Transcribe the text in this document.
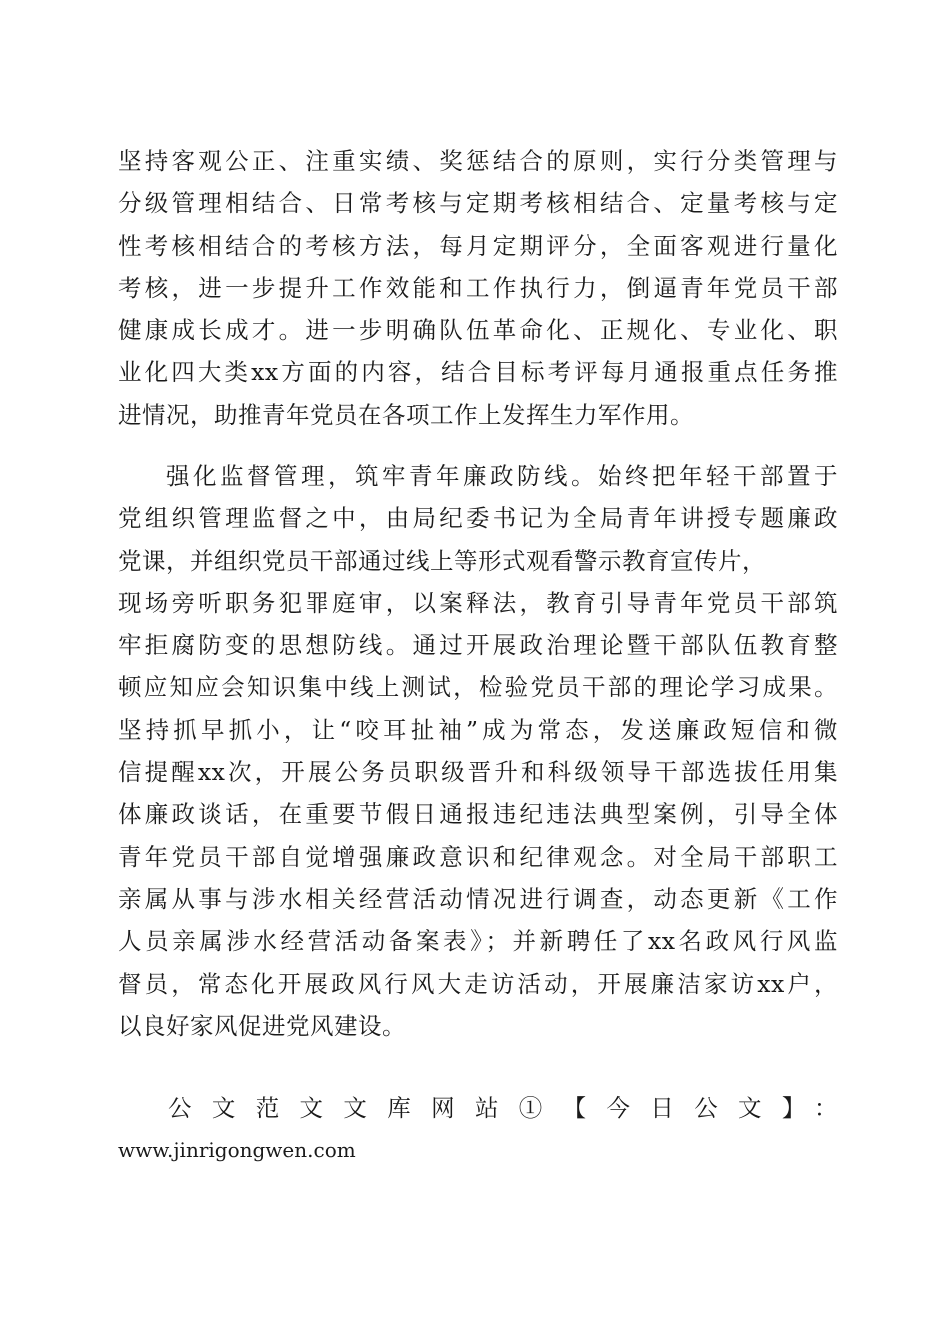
坚持客观公正、注重实绩、奖惩结合的原则，实行分类管理与
分级管理相结合、日常考核与定期考核相结合、定量考核与定
性考核相结合的考核方法，每月定期评分，全面客观进行量化
考核，进一步提升工作效能和工作执行力，倒逼青年党员干部
健康成长成才。进一步明确队伍革命化、正规化、专业化、职
业化四大类xx方面的内容，结合目标考评每月通报重点任务推
进情况，助推青年党员在各项工作上发挥生力军作用。
强化监督管理，筑牢青年廉政防线。始终把年轻干部置于
党组织管理监督之中，由局纪委书记为全局青年讲授专题廉政
党课，并组织党员干部通过线上等形式观看警示教育宣传片，
现场旁听职务犯罪庭审，以案释法，教育引导青年党员干部筑
牢拒腐防变的思想防线。通过开展政治理论暨干部队伍教育整
顿应知应会知识集中线上测试，检验党员干部的理论学习成果。
坚持抓早抓小，让“咬耳扯袖”成为常态，发送廉政短信和微
信提醒xx次，开展公务员职级晋升和科级领导干部选拔任用集
体廉政谈话，在重要节假日通报违纪违法典型案例，引导全体
青年党员干部自觉增强廉政意识和纪律观念。对全局干部职工
亲属从事与涉水相关经营活动情况进行调查，动态更新《工作
人员亲属涉水经营活动备案表》；并新聘任了xx名政风行风监
督员，常态化开展政风行风大走访活动，开展廉洁家访xx户，
以良好家风促进党风建设。
公文范文文库网站①【今日公文】：
www.jinrigongwen.com
